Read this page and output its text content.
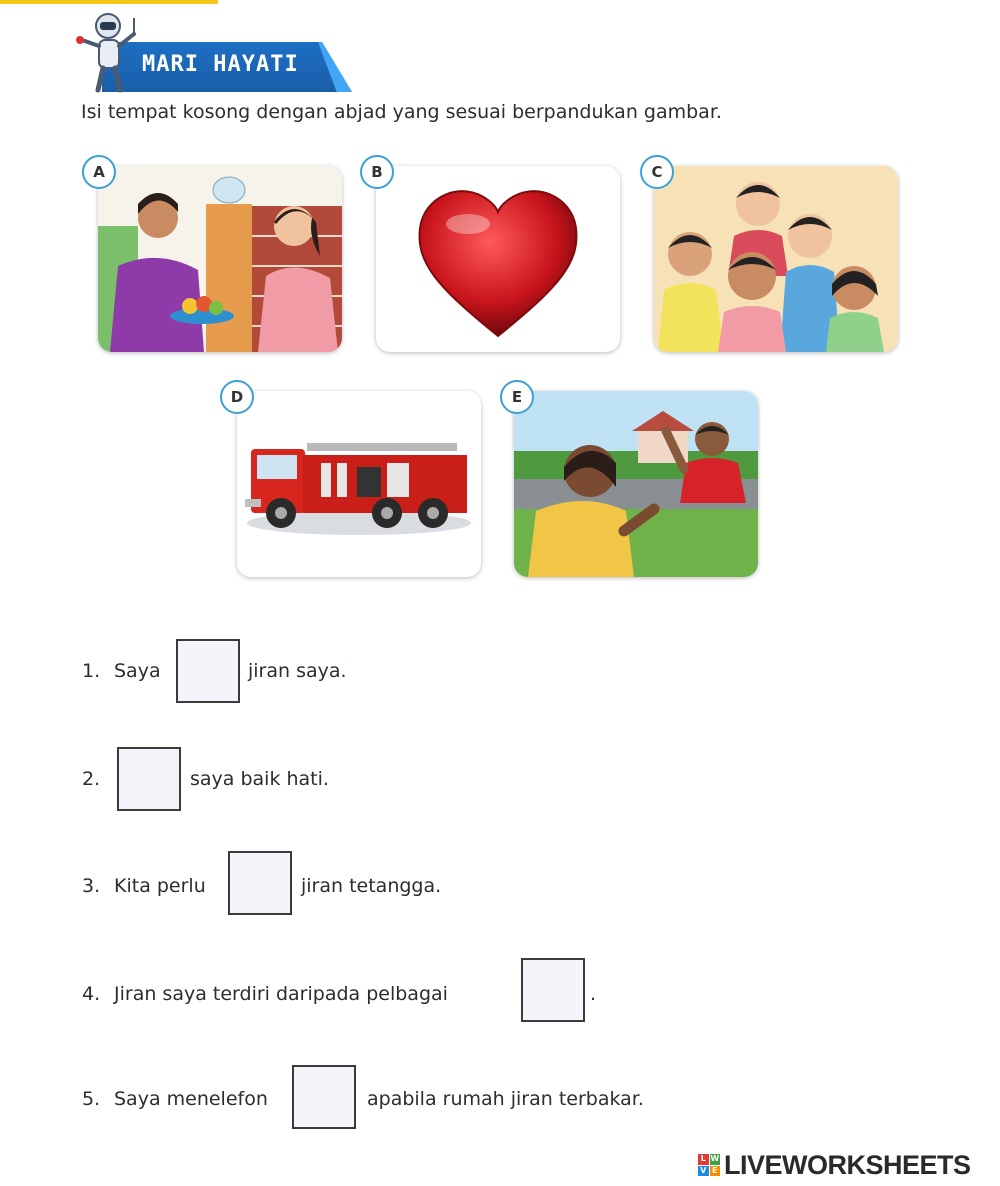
MARI HAYATI
Isi tempat kosong dengan abjad yang sesuai berpandukan gambar.
A	B	C
D	E
1. Saya	jiran saya.
2.	saya baik hati.
3. Kita perlu	jiran tetangga.
4. Jiran saya terdiri daripada pelbagai	.
5. Saya menelefon	apabila rumah jiran terbakar.
L W
V E LIVEWORKSHEETS
